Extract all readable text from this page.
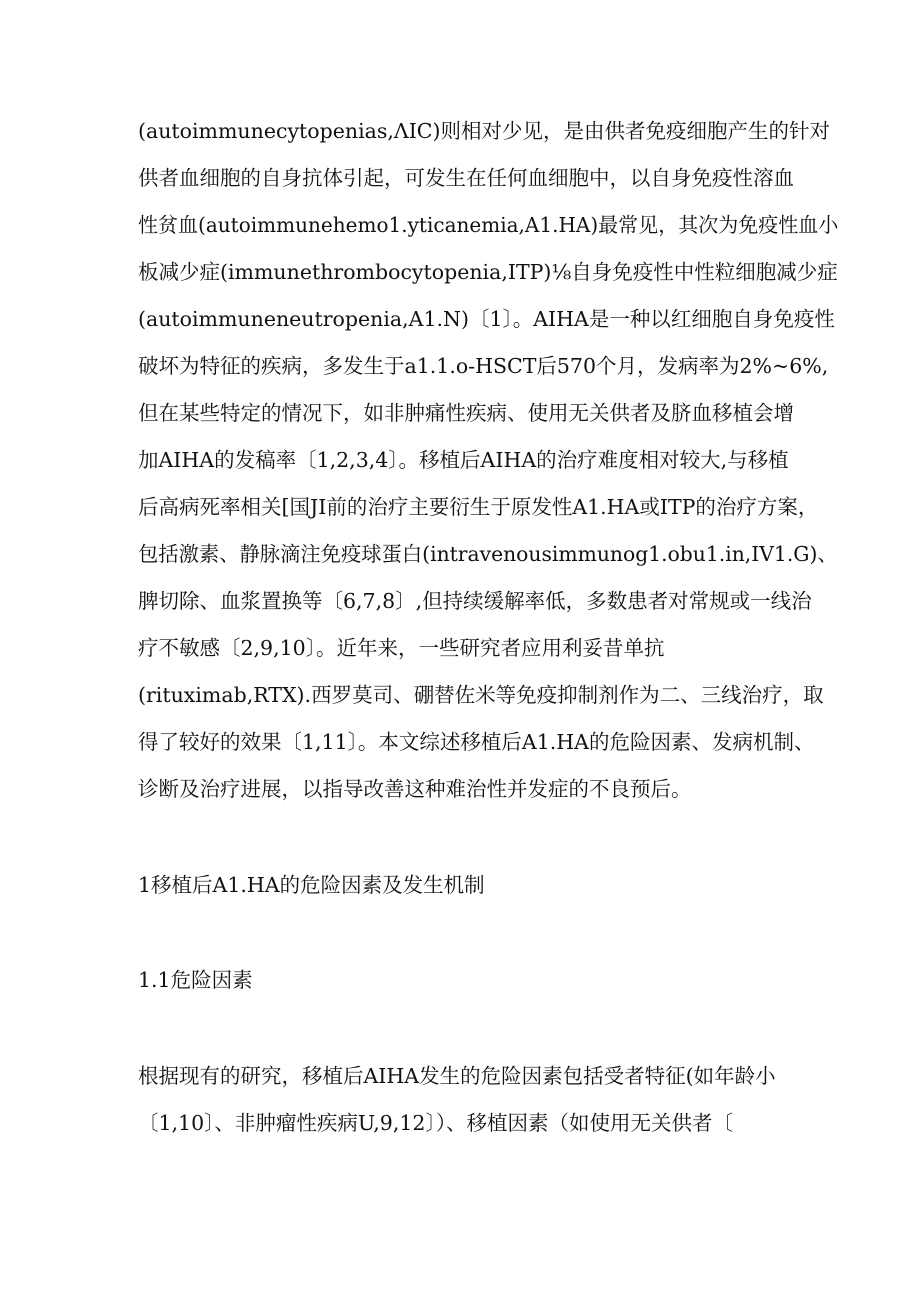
(autoimmunecytopenias,ΛIC)则相对少见，是由供者免疫细胞产生的针对
供者血细胞的自身抗体引起，可发生在任何血细胞中，以自身免疫性溶血
性贫血(autoimmunehemo1.yticanemia,A1.HA)最常见，其次为免疫性血小
板减少症(immunethrombocytopenia,ITP)⅛自身免疫性中性粒细胞减少症
(autoimmuneneutropenia,A1.N)〔1〕。AIHA是一种以红细胞自身免疫性
破坏为特征的疾病，多发生于a1.1.o-HSCT后570个月，发病率为2%~6%,
但在某些特定的情况下，如非肿痛性疾病、使用无关供者及脐血移植会增
加AIHA的发稿率〔1,2,3,4〕。移植后AIHA的治疗难度相对较大,与移植
后高病死率相关[国JI前的治疗主要衍生于原发性A1.HA或ITP的治疗方案，
包括激素、静脉滴注免疫球蛋白(intravenousimmunog1.obu1.in,IV1.G)、
脾切除、血浆置换等〔6,7,8〕,但持续缓解率低，多数患者对常规或一线治
疗不敏感〔2,9,10〕。近年来，一些研究者应用利妥昔单抗
(rituximab,RTX).西罗莫司、硼替佐米等免疫抑制剂作为二、三线治疗，取
得了较好的效果〔1,11〕。本文综述移植后A1.HA的危险因素、发病机制、
诊断及治疗进展，以指导改善这种难治性并发症的不良预后。
1移植后A1.HA的危险因素及发生机制
1.1危险因素
根据现有的研究，移植后AIHA发生的危险因素包括受者特征(如年龄小
〔1,10〕、非肿瘤性疾病U,9,12〕）、移植因素（如使用无关供者〔
